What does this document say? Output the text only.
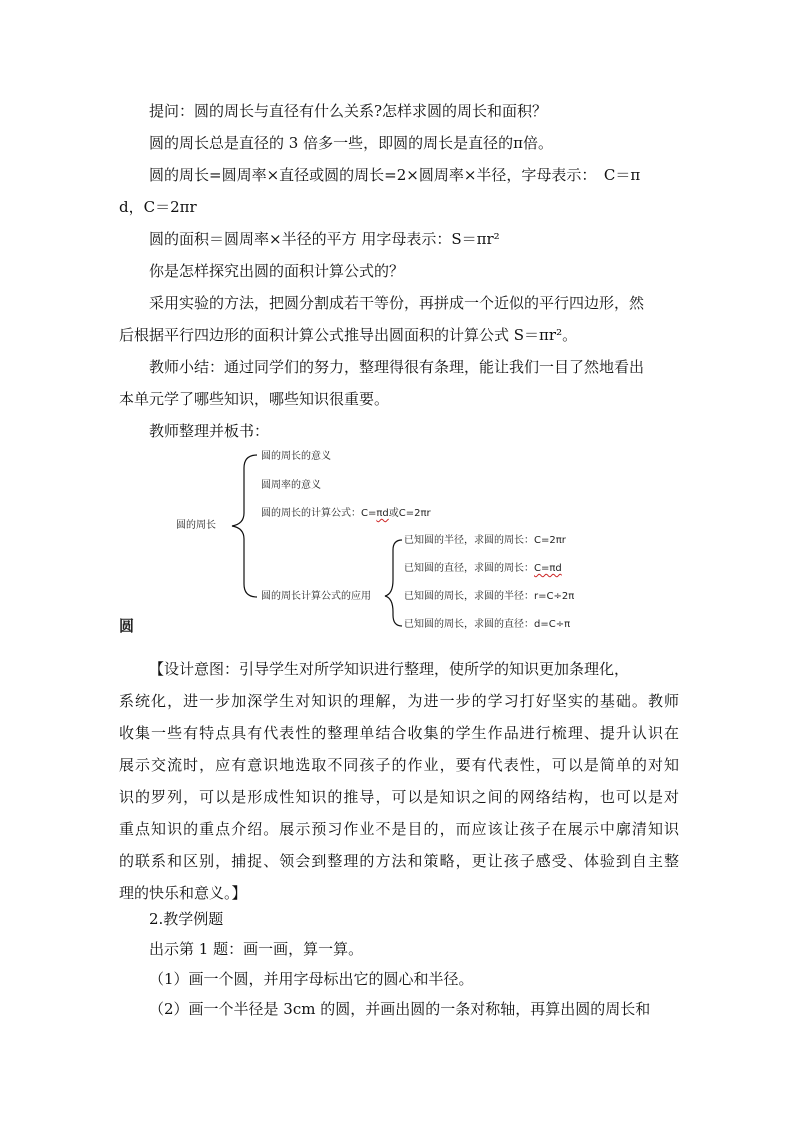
提问：圆的周长与直径有什么关系?怎样求圆的周长和面积？
圆的周长总是直径的 3 倍多一些，即圆的周长是直径的π倍。
圆的周长=圆周率×直径或圆的周长=2×圆周率×半径，字母表示：　C＝π
d，C＝2πr
圆的面积＝圆周率×半径的平方 用字母表示：S＝πr²
你是怎样探究出圆的面积计算公式的？
采用实验的方法，把圆分割成若干等份，再拼成一个近似的平行四边形，然
后根据平行四边形的面积计算公式推导出圆面积的计算公式 S＝πr²。
教师小结：通过同学们的努力，整理得很有条理，能让我们一目了然地看出
本单元学了哪些知识，哪些知识很重要。
教师整理并板书：
圆的周长
圆的周长的意义
圆周率的意义
圆的周长的计算公式：C=πd或C=2πr
圆的周长计算公式的应用
已知圆的半径，求圆的周长：C=2πr
已知圆的直径，求圆的周长：C=πd
已知圆的周长，求圆的半径：r=C÷2π
已知圆的周长，求圆的直径：d=C÷π
圆
【设计意图：引导学生对所学知识进行整理，使所学的知识更加条理化，
系统化，进一步加深学生对知识的理解，为进一步的学习打好坚实的基础。教师
收集一些有特点具有代表性的整理单结合收集的学生作品进行梳理、提升认识在
展示交流时，应有意识地选取不同孩子的作业，要有代表性，可以是简单的对知
识的罗列，可以是形成性知识的推导，可以是知识之间的网络结构，也可以是对
重点知识的重点介绍。展示预习作业不是目的，而应该让孩子在展示中廓清知识
的联系和区别，捕捉、领会到整理的方法和策略，更让孩子感受、体验到自主整
理的快乐和意义。】
2.教学例题
出示第 1 题：画一画，算一算。
（1）画一个圆，并用字母标出它的圆心和半径。
（2）画一个半径是 3cm 的圆，并画出圆的一条对称轴，再算出圆的周长和
